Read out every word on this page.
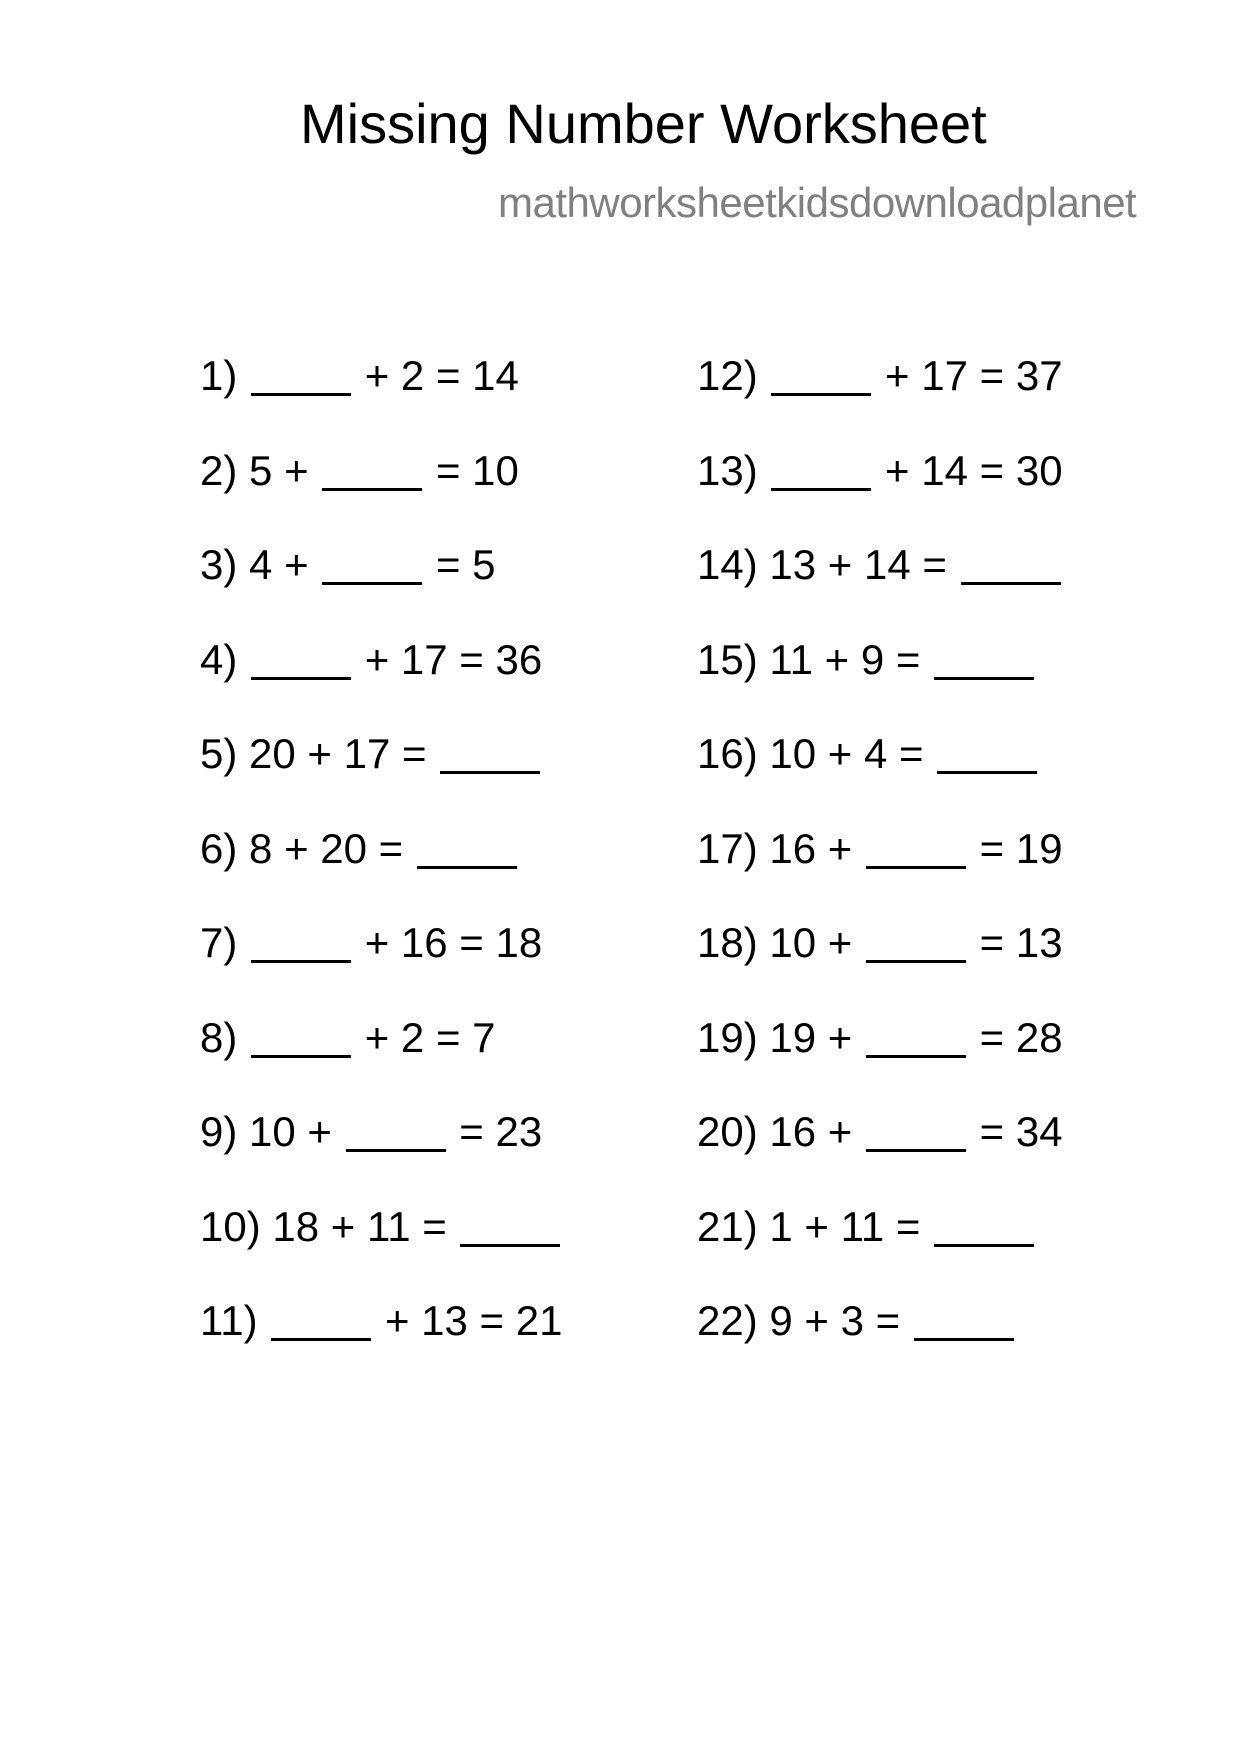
Missing Number Worksheet
mathworksheetkidsdownloadplanet
1)	+ 2 = 14
2) 5 +	= 10
3) 4 +	= 5
4)	+ 17 = 36
5) 20 + 17 =
6) 8 + 20 =
7)	+ 16 = 18
8)	+ 2 = 7
9) 10 +	= 23
10) 18 + 11 =
11)	+ 13 = 21
12)	+ 17 = 37
13)	+ 14 = 30
14) 13 + 14 =
15) 11 + 9 =
16) 10 + 4 =
17) 16 +	= 19
18) 10 +	= 13
19) 19 +	= 28
20) 16 +	= 34
21) 1 + 11 =
22) 9 + 3 =
